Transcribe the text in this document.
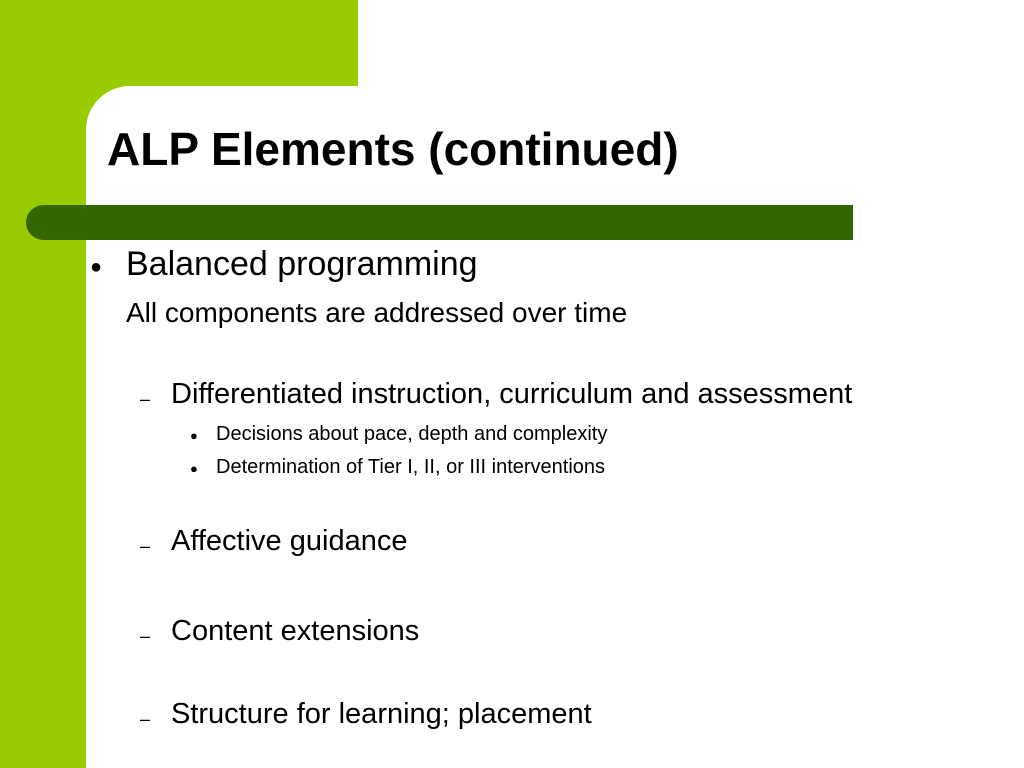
ALP Elements (continued)
● Balanced programming
All components are addressed over time
– Differentiated instruction, curriculum and assessment
● Decisions about pace, depth and complexity
● Determination of Tier I, II, or III interventions
– Affective guidance
– Content extensions
– Structure for learning; placement
